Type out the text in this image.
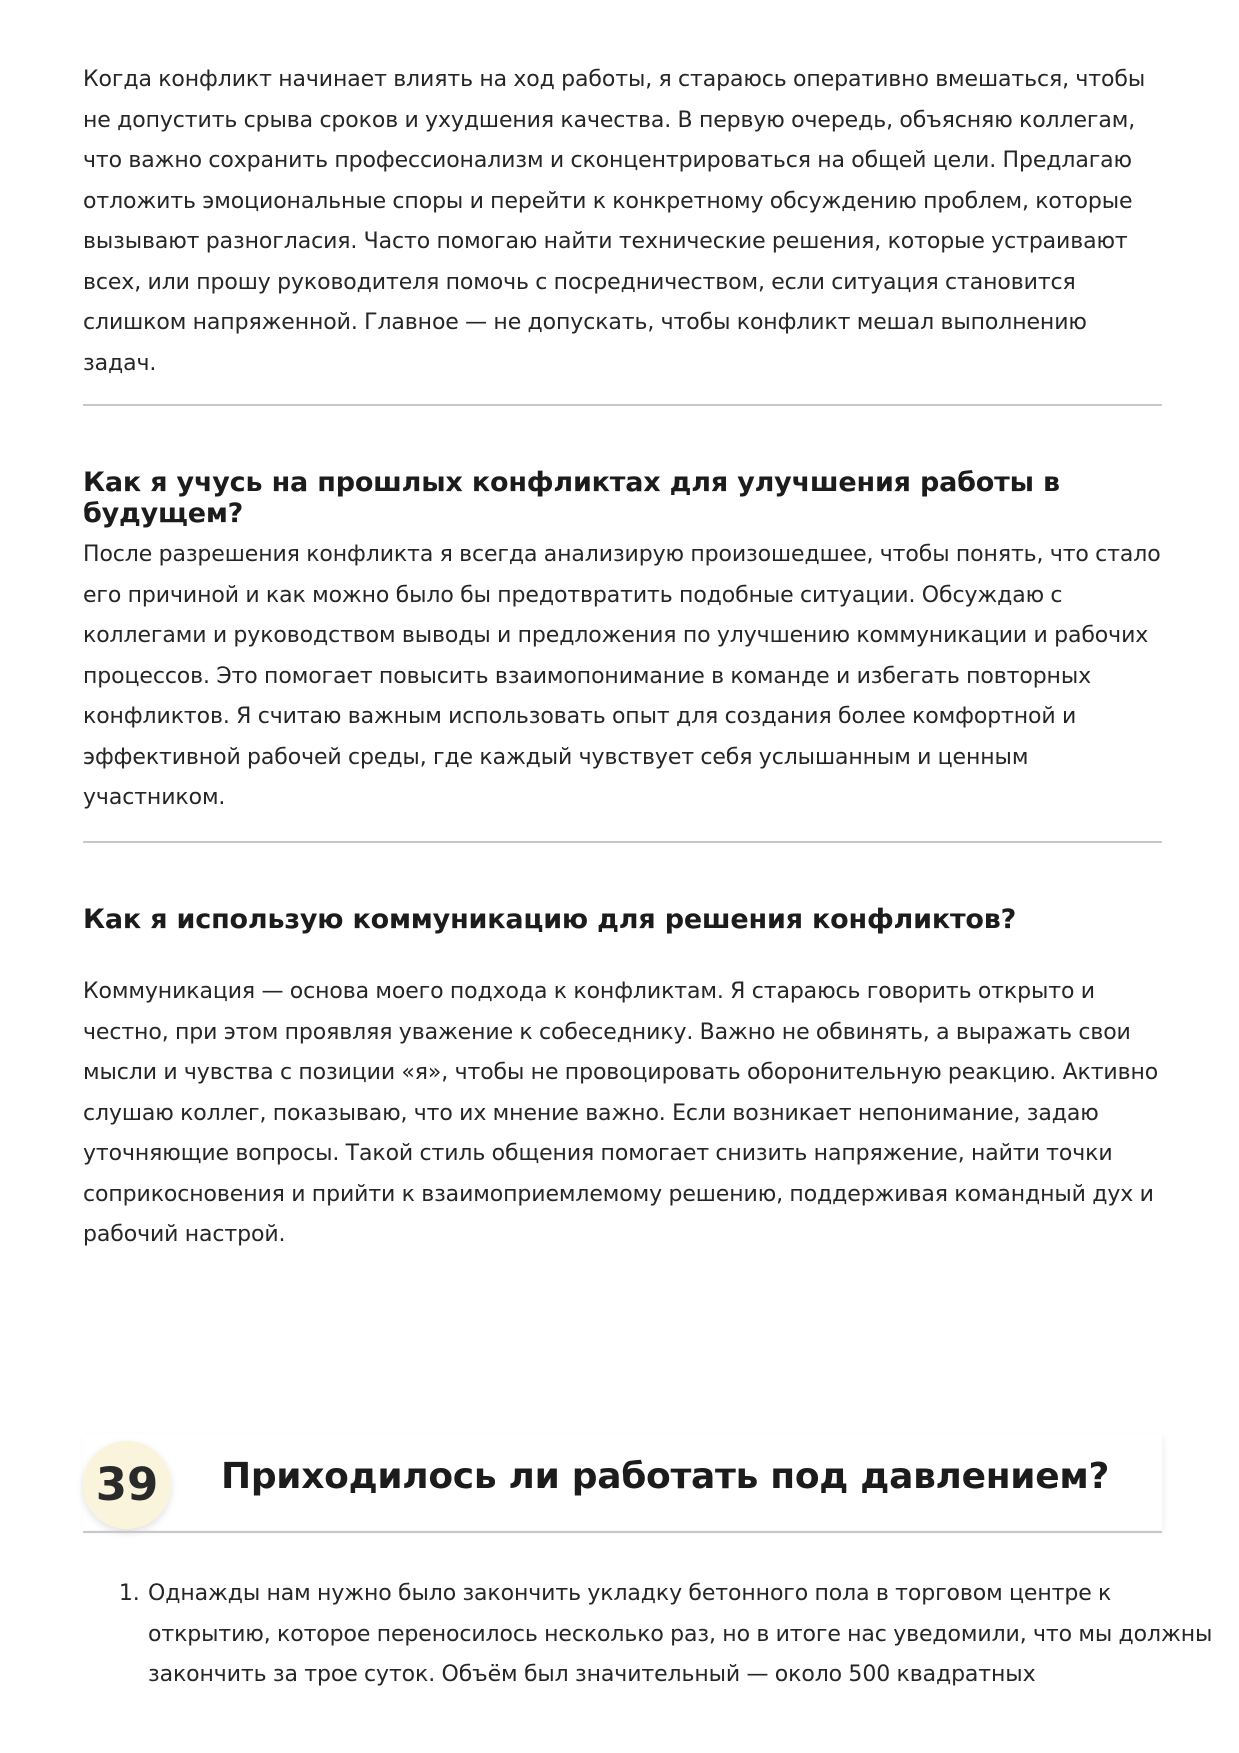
Когда конфликт начинает влиять на ход работы, я стараюсь оперативно вмешаться, чтобы не допустить срыва сроков и ухудшения качества. В первую очередь, объясняю коллегам, что важно сохранить профессионализм и сконцентрироваться на общей цели. Предлагаю отложить эмоциональные споры и перейти к конкретному обсуждению проблем, которые вызывают разногласия. Часто помогаю найти технические решения, которые устраивают всех, или прошу руководителя помочь с посредничеством, если ситуация становится слишком напряженной. Главное — не допускать, чтобы конфликт мешал выполнению задач.

Как я учусь на прошлых конфликтах для улучшения работы в будущем?

После разрешения конфликта я всегда анализирую произошедшее, чтобы понять, что стало его причиной и как можно было бы предотвратить подобные ситуации. Обсуждаю с коллегами и руководством выводы и предложения по улучшению коммуникации и рабочих процессов. Это помогает повысить взаимопонимание в команде и избегать повторных конфликтов. Я считаю важным использовать опыт для создания более комфортной и эффективной рабочей среды, где каждый чувствует себя услышанным и ценным участником.

Как я использую коммуникацию для решения конфликтов?

Коммуникация — основа моего подхода к конфликтам. Я стараюсь говорить открыто и честно, при этом проявляя уважение к собеседнику. Важно не обвинять, а выражать свои мысли и чувства с позиции «я», чтобы не провоцировать оборонительную реакцию. Активно слушаю коллег, показываю, что их мнение важно. Если возникает непонимание, задаю уточняющие вопросы. Такой стиль общения помогает снизить напряжение, найти точки соприкосновения и прийти к взаимоприемлемому решению, поддерживая командный дух и рабочий настрой.

39	Приходилось ли работать под давлением?
1. Однажды нам нужно было закончить укладку бетонного пола в торговом центре к открытию, которое переносилось несколько раз, но в итоге нас уведомили, что мы должны закончить за трое суток. Объём был значительный — около 500 квадратных
